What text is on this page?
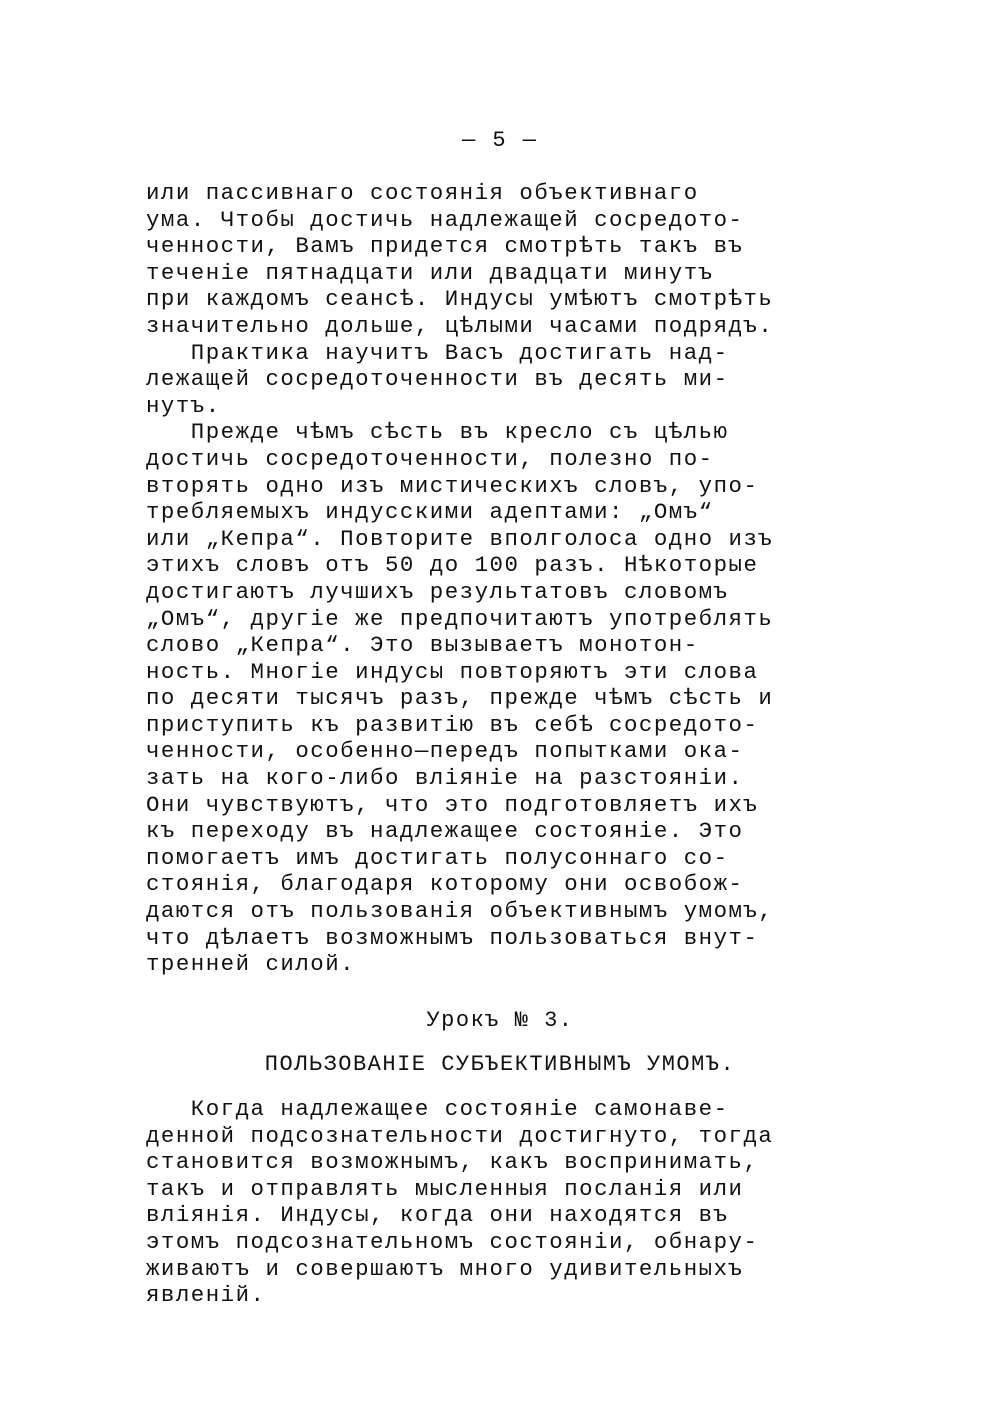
— 5 —
или пассивнаго состоянія объективнаго
ума. Чтобы достичь надлежащей сосредото-
ченности, Вамъ придется смотрѣть такъ въ
теченіе пятнадцати или двадцати минутъ
при каждомъ сеансѣ. Индусы умѣютъ смотрѣть
значительно дольше, цѣлыми часами подрядъ.
Практика научитъ Васъ достигать над-
лежащей сосредоточенности въ десять ми-
нутъ.
Прежде чѣмъ сѣсть въ кресло съ цѣлью
достичь сосредоточенности, полезно по-
вторять одно изъ мистическихъ словъ, упо-
требляемыхъ индусскими адептами: „Омъ“
или „Кепра“. Повторите вполголоса одно изъ
этихъ словъ отъ 50 до 100 разъ. Нѣкоторые
достигаютъ лучшихъ результатовъ словомъ
„Омъ“, другіе же предпочитаютъ употреблять
слово „Кепра“. Это вызываетъ монотон-
ность. Многіе индусы повторяютъ эти слова
по десяти тысячъ разъ, прежде чѣмъ сѣсть и
приступить къ развитію въ себѣ сосредото-
ченности, особенно—передъ попытками ока-
зать на кого-либо вліяніе на разстояніи.
Они чувствуютъ, что это подготовляетъ ихъ
къ переходу въ надлежащее состояніе. Это
помогаетъ имъ достигать полусоннаго со-
стоянія, благодаря которому они освобож-
даются отъ пользованія объективнымъ умомъ,
что дѣлаетъ возможнымъ пользоваться внут-
тренней силой.
Урокъ № 3.
ПОЛЬЗОВАНІЕ СУБЪЕКТИВНЫМЪ УМОМЪ.
Когда надлежащее состояніе самонаве-
денной подсознательности достигнуто, тогда
становится возможнымъ, какъ воспринимать,
такъ и отправлять мысленныя посланія или
вліянія. Индусы, когда они находятся въ
этомъ подсознательномъ состояніи, обнару-
живаютъ и совершаютъ много удивительныхъ
явленій.
